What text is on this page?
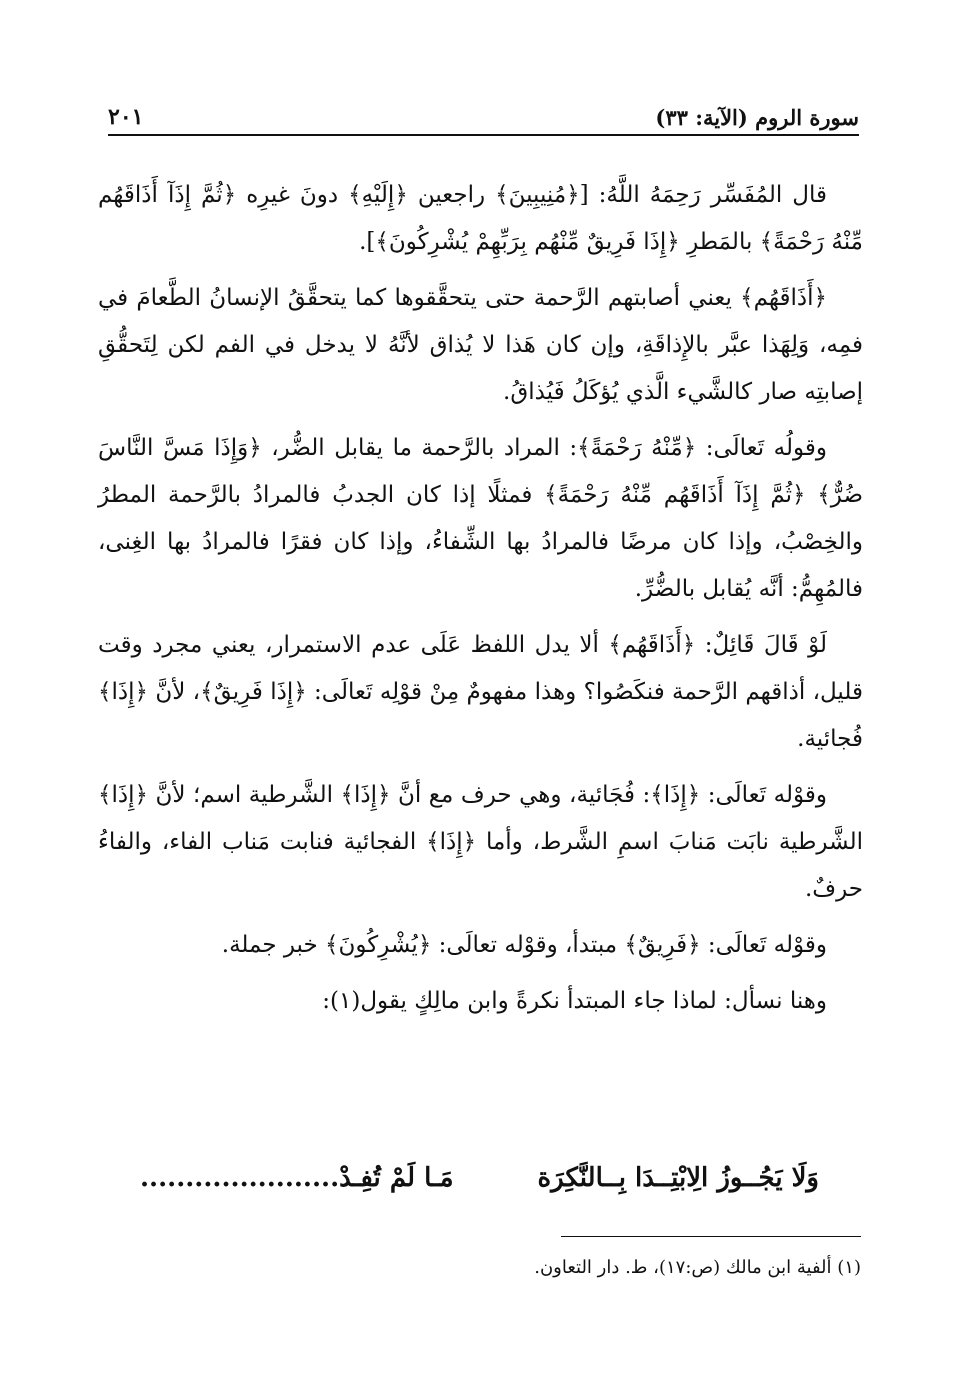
سورة الروم (الآية: ٣٣)
٢٠١

قال المُفَسِّر رَحِمَهُ اللَّهُ: [﴿مُنِيبِينَ﴾ راجعين ﴿إِلَيْهِ﴾ دونَ غيرِه ﴿ثُمَّ إِذَآ أَذَاقَهُم مِّنْهُ رَحْمَةً﴾ بالمَطرِ ﴿إِذَا فَرِيقٌ مِّنْهُم بِرَبِّهِمْ يُشْرِكُونَ﴾].

﴿أَذَاقَهُم﴾ يعني أصابتهم الرَّحمة حتى يتحقَّقوها كما يتحقَّقُ الإنسانُ الطَّعامَ في فمِه، وَلِهَذا عبَّر بالإِذاقَةِ، وإن كان هَذا لا يُذاق لأنَّهُ لا يدخل في الفم لكن لِتَحقُّقِ إصابتِه صار كالشَّيء الَّذي يُؤكَلُ فَيُذاقُ.

وقولُه تَعالَى: ﴿مِّنْهُ رَحْمَةً﴾: المراد بالرَّحمة ما يقابل الضُّر، ﴿وَإِذَا مَسَّ النَّاسَ ضُرٌّ﴾ ﴿ثُمَّ إِذَآ أَذَاقَهُم مِّنْهُ رَحْمَةً﴾ فمثلًا إذا كان الجدبُ فالمرادُ بالرَّحمة المطرُ والخِصْبُ، وإذا كان مرضًا فالمرادُ بها الشِّفاءُ، وإذا كان فقرًا فالمرادُ بها الغِنى، فالمُهِمُّ: أنَّه يُقابل بالضُّرِّ.

لَوْ قَالَ قَائِلٌ: ﴿أَذَاقَهُم﴾ ألا يدل اللفظ عَلَى عدم الاستمرار، يعني مجرد وقت قليل، أذاقهم الرَّحمة فنكَصُوا؟ وهذا مفهومٌ مِنْ قوْلِه تَعالَى: ﴿إِذَا فَرِيقٌ﴾، لأنَّ ﴿إِذَا﴾ فُجائية.

وقوْله تَعالَى: ﴿إِذَا﴾: فُجَائية، وهي حرف مع أنَّ ﴿إِذَا﴾ الشَّرطية اسم؛ لأنَّ ﴿إِذَا﴾ الشَّرطية نابَت مَنابَ اسمِ الشَّرط، وأما ﴿إِذَا﴾ الفجائية فنابت مَناب الفاء، والفاءُ حرفٌ.

وقوْله تَعالَى: ﴿فَرِيقٌ﴾ مبتدأ، وقوْله تعالَى: ﴿يُشْرِكُونَ﴾ خبر جملة.

وهنا نسأل: لماذا جاء المبتدأ نكرةً وابن مالِكٍ يقول(١):

وَلَا يَجُــوزُ الِابْتِــدَا بِــالنَّكِرَة
مَـا لَمْ تُفِـدْ......................
(١) ألفية ابن مالك (ص:١٧)، ط. دار التعاون.
